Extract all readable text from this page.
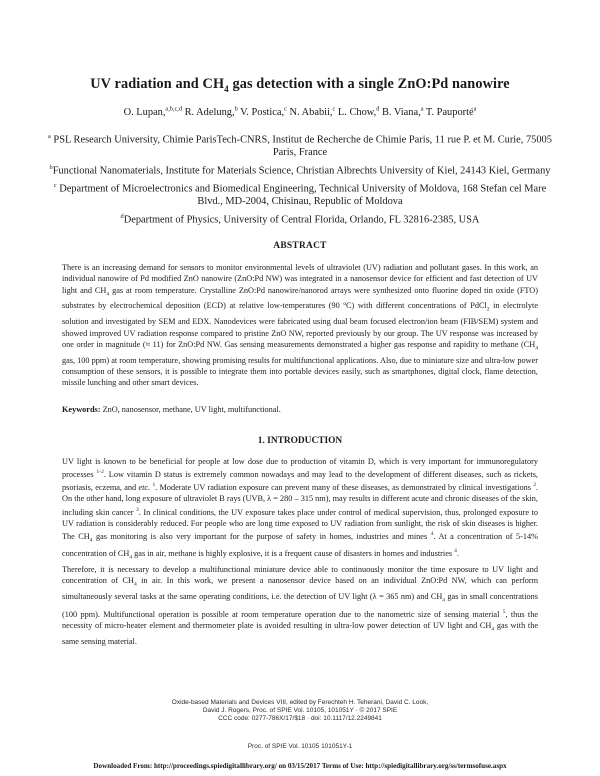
UV radiation and $CH_4$ gas detection with a single ZnO:Pd nanowire
O. Lupan,$^{a,b,c,d}$ R. Adelung,$^b$ V. Postica,$^c$ N. Ababii,$^c$ L. Chow,$^d$ B. Viana,$^a$ T. Pauporté$^a$
$^a$ PSL Research University, Chimie ParisTech-CNRS, Institut de Recherche de Chimie Paris, 11 rue P. et M. Curie, 75005 Paris, France
$^b$Functional Nanomaterials, Institute for Materials Science, Christian Albrechts University of Kiel, 24143 Kiel, Germany
$^c$ Department of Microelectronics and Biomedical Engineering, Technical University of Moldova, 168 Stefan cel Mare Blvd., MD-2004, Chisinau, Republic of Moldova
$^d$Department of Physics, University of Central Florida, Orlando, FL 32816-2385, USA
ABSTRACT
There is an increasing demand for sensors to monitor environmental levels of ultraviolet (UV) radiation and pollutant gases. In this work, an individual nanowire of Pd modified ZnO nanowire (ZnO:Pd NW) was integrated in a nanosensor device for efficient and fast detection of UV light and $CH_4$ gas at room temperature. Crystalline ZnO:Pd nanowire/nanorod arrays were synthesized onto fluorine doped tin oxide (FTO) substrates by electrochemical deposition (ECD) at relative low-temperatures (90 ºC) with different concentrations of PdCl$_2$ in electrolyte solution and investigated by SEM and EDX. Nanodevices were fabricated using dual beam focused electron/ion beam (FIB/SEM) system and showed improved UV radiation response compared to pristine ZnO NW, reported previously by our group. The UV response was increased by one order in magnitude (≈ 11) for ZnO:Pd NW. Gas sensing measurements demonstrated a higher gas response and rapidity to methane ($CH_4$ gas, 100 ppm) at room temperature, showing promising results for multifunctional applications. Also, due to miniature size and ultra-low power consumption of these sensors, it is possible to integrate them into portable devices easily, such as smartphones, digital clock, flame detection, missile lunching and other smart devices.
Keywords: ZnO, nanosensor, methane, UV light, multifunctional.
1. INTRODUCTION

UV light is known to be beneficial for people at low dose due to production of vitamin D, which is very important for immunoregulatory processes $^{1-2}$. Low vitamin D status is extremely common nowadays and may lead to the development of different diseases, such as rickets, psoriasis, eczema, and etc. $^1$. Moderate UV radiation exposure can prevent many of these diseases, as demonstrated by clinical investigations $^2$. On the other hand, long exposure of ultraviolet B rays (UVB, λ = 280 – 315 nm), may results in different acute and chronic diseases of the skin, including skin cancer $^3$. In clinical conditions, the UV exposure takes place under control of medical supervision, thus, prolonged exposure to UV radiation is considerably reduced. For people who are long time exposed to UV radiation from sunlight, the risk of skin diseases is higher. The $CH_4$ gas monitoring is also very important for the purpose of safety in homes, industries and mines $^4$. At a concentration of 5-14% concentration of $CH_4$ gas in air, methane is highly explosive, it is a frequent cause of disasters in homes and industries $^4$.

Therefore, it is necessary to develop a multifunctional miniature device able to continuously monitor the time exposure to UV light and concentration of $CH_4$ in air. In this work, we present a nanosensor device based on an individual ZnO:Pd NW, which can perform simultaneously several tasks at the same operating conditions, i.e. the detection of UV light (λ = 365 nm) and $CH_4$ gas in small concentrations (100 ppm). Multifunctional operation is possible at room temperature operation due to the nanometric size of sensing material $^5$, thus the necessity of micro-heater element and thermometer plate is avoided resulting in ultra-low power detection of UV light and $CH_4$ gas with the same sensing material.

Oxide-based Materials and Devices VIII, edited by Ferechteh H. Teherani, David C. Look,
David J. Rogers, Proc. of SPIE Vol. 10105, 101051Y · © 2017 SPIE
CCC code: 0277-786X/17/$18 · doi: 10.1117/12.2249841
Proc. of SPIE Vol. 10105 101051Y-1
Downloaded From: http://proceedings.spiedigitallibrary.org/ on 03/15/2017 Terms of Use: http://spiedigitallibrary.org/ss/termsofuse.aspx
